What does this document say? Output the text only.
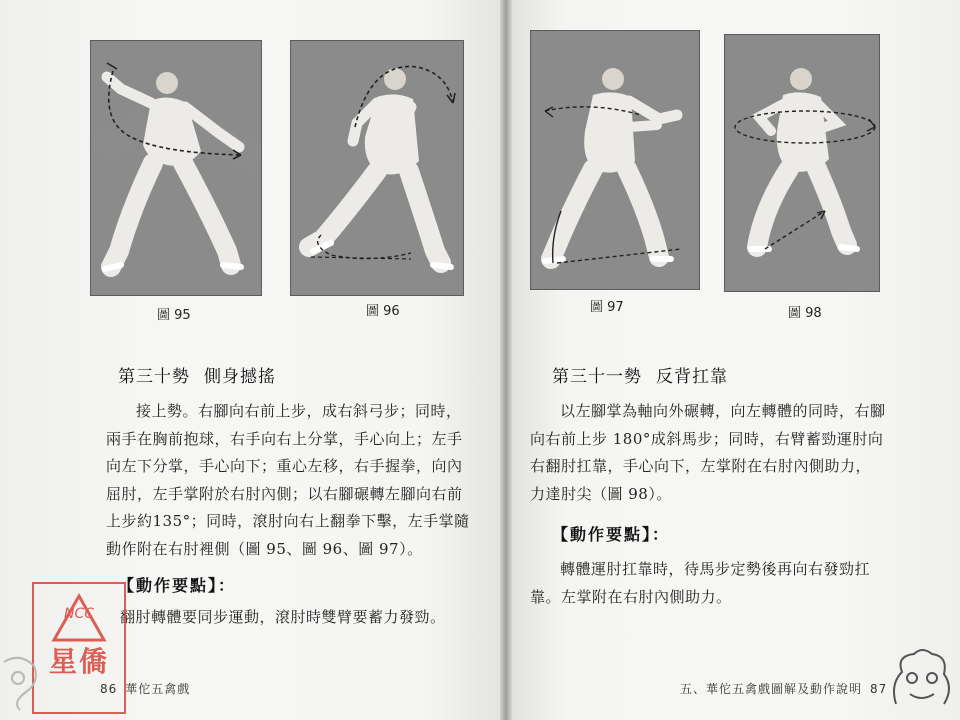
圖 95	圖 96
第三十勢 側身撼搖

接上勢。右腳向右前上步，成右斜弓步；同時，兩手在胸前抱球，右手向右上分掌，手心向上；左手向左下分掌，手心向下；重心左移，右手握拳，向內屈肘，左手掌附於右肘內側；以右腳碾轉左腳向右前上步約135°；同時，滾肘向右上翻拳下擊，左手掌隨動作附在右肘裡側（圖 95、圖 96、圖 97）。

【動作要點】：

翻肘轉體要同步運動，滾肘時雙臂要蓄力發勁。

86 華佗五禽戲
NCC
星僑
圖 97	圖 98
第三十一勢 反背扛靠

以左腳掌為軸向外碾轉，向左轉體的同時，右腳向右前上步 180°成斜馬步；同時，右臂蓄勁運肘向右翻肘扛靠，手心向下，左掌附在右肘內側助力，力達肘尖（圖 98）。

【動作要點】：

轉體運肘扛靠時，待馬步定勢後再向右發勁扛靠。左掌附在右肘內側助力。

五、華佗五禽戲圖解及動作說明 87
